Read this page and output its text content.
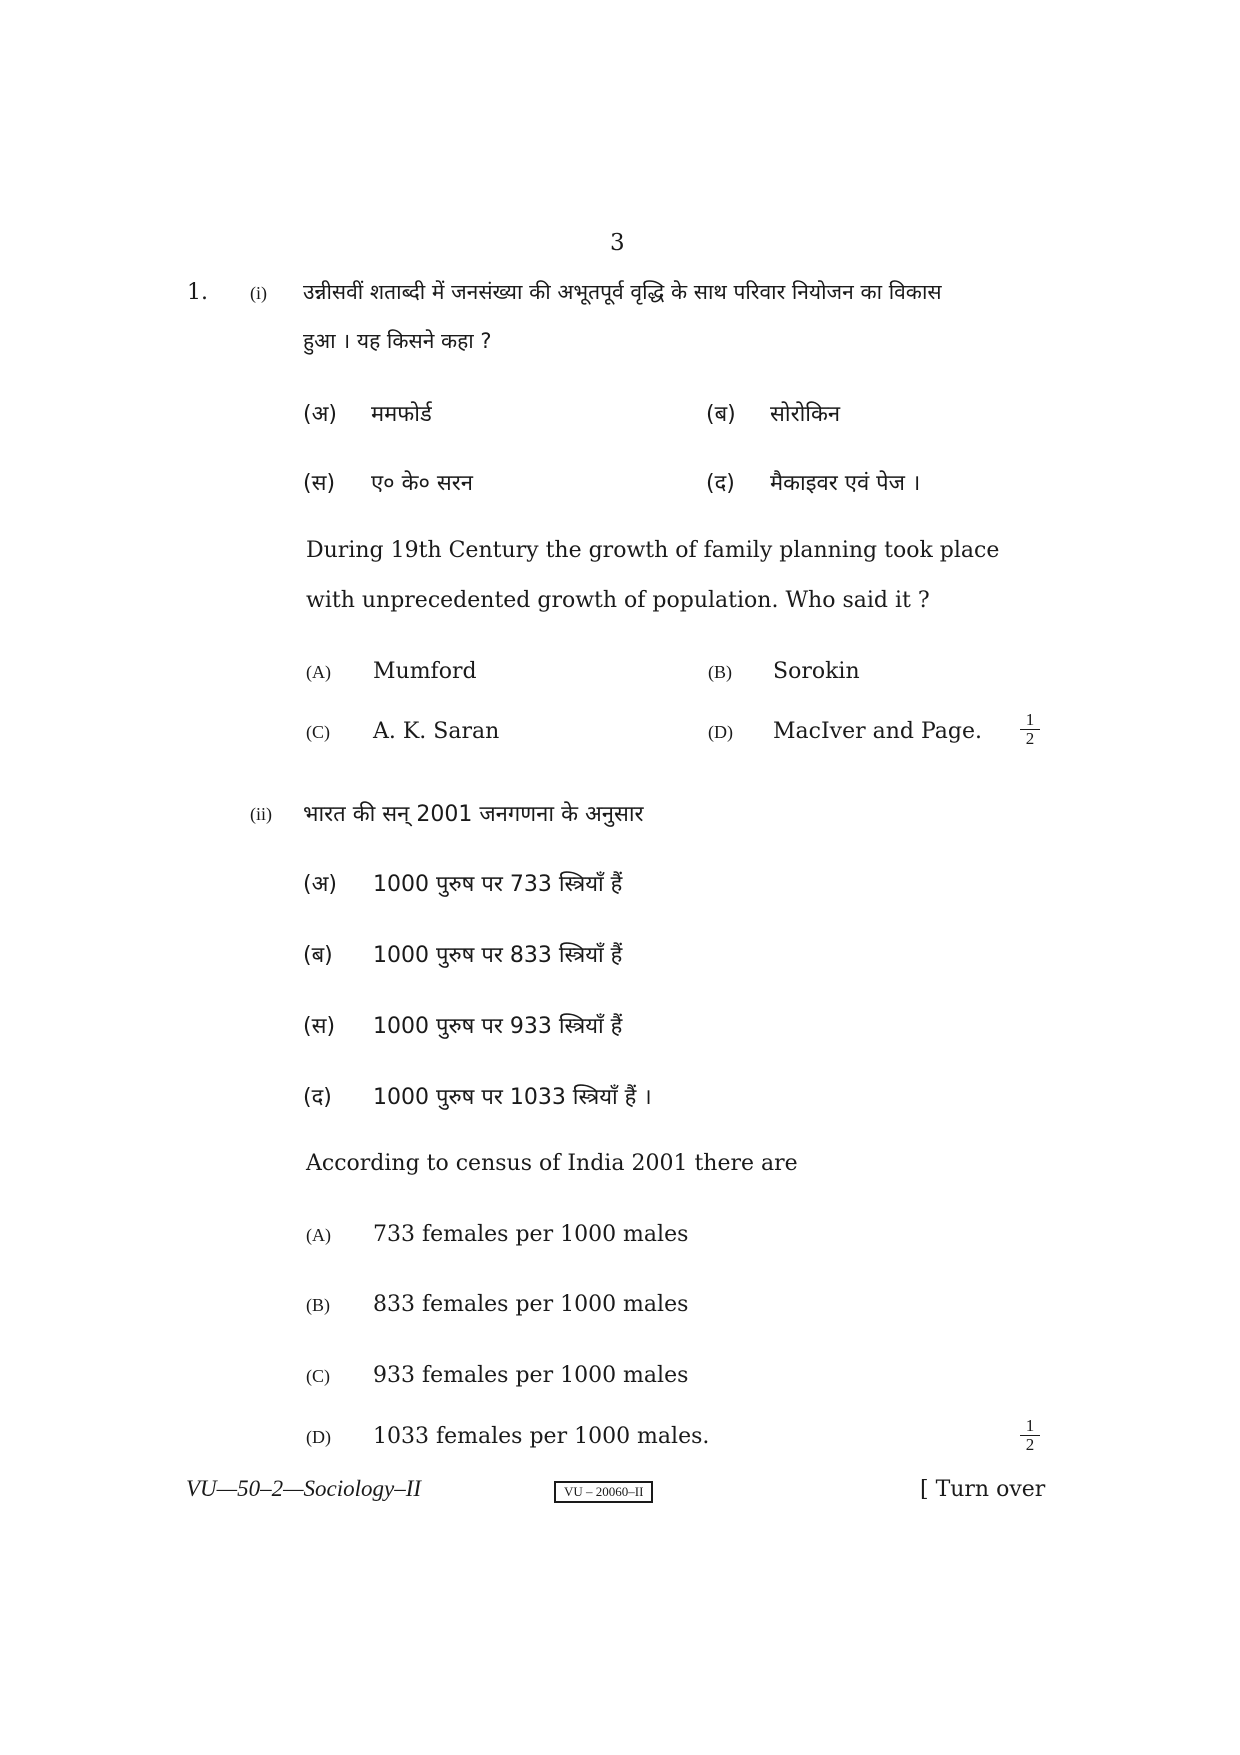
3
1. (i) उन्नीसवीं शताब्दी में जनसंख्या की अभूतपूर्व वृद्धि के साथ परिवार नियोजन का विकास
हुआ । यह किसने कहा ?
(अ) ममफोर्ड	(ब) सोरोकिन
(स) ए० के० सरन	(द) मैकाइवर एवं पेज ।
During 19th Century the growth of family planning took place
with unprecedented growth of population. Who said it ?
(A) Mumford	(B) Sorokin
(C) A. K. Saran	(D) MacIver and Page. $\frac{1}{2}$
(ii) भारत की सन् 2001 जनगणना के अनुसार
(अ) 1000 पुरुष पर 733 स्त्रियाँ हैं
(ब) 1000 पुरुष पर 833 स्त्रियाँ हैं
(स) 1000 पुरुष पर 933 स्त्रियाँ हैं
(द) 1000 पुरुष पर 1033 स्त्रियाँ हैं ।
According to census of India 2001 there are
(A) 733 females per 1000 males
(B) 833 females per 1000 males
(C) 933 females per 1000 males
(D) 1033 females per 1000 males.	$\frac{1}{2}$
VU—50–2—Sociology–II	VU – 20060–II	[ Turn over
